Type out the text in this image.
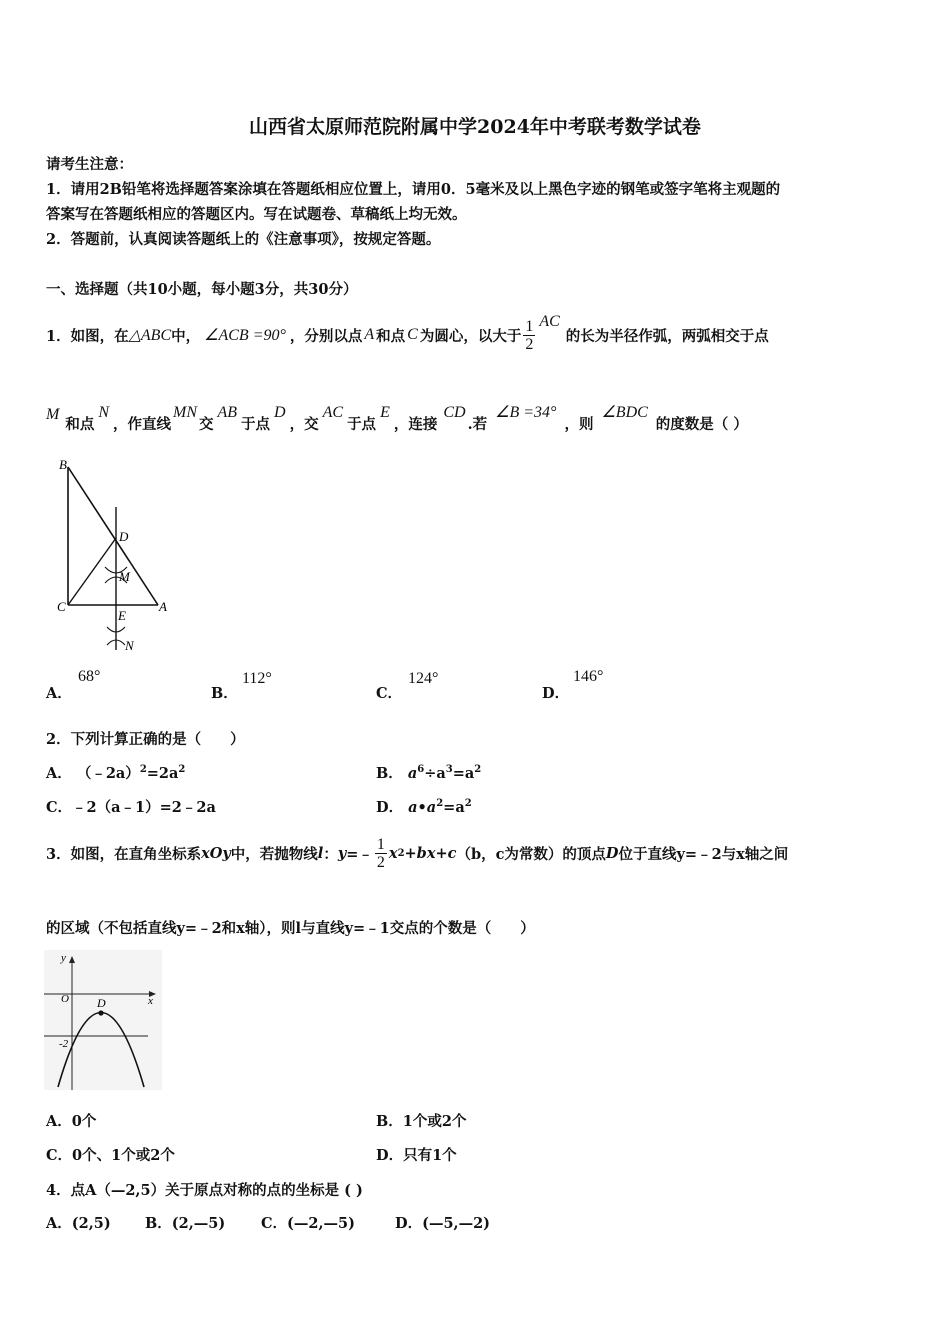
山西省太原师范院附属中学2024年中考联考数学试卷
请考生注意：
1．请用2B铅笔将选择题答案涂填在答题纸相应位置上，请用0．5毫米及以上黑色字迹的钢笔或签字笔将主观题的
答案写在答题纸相应的答题区内。写在试题卷、草稿纸上均无效。
2．答题前，认真阅读答题纸上的《注意事项》，按规定答题。
一、选择题（共10小题，每小题3分，共30分）
1．如图，在 △ABC 中， ∠ACB =90° ，分别以点 A 和点 C 为圆心，以大于 $\frac{1}{2}$ AC
的长为半径作弧，两弧相交于点
M
和点
N
，作直线
MN
交
AB
于点
D
，交
AC
于点
E
，连接
CD
.若
∠B =34°
，则
∠BDC
的度数是（ ）
B
D
M
C
E
A
N
A．
68°
B．
112°
C．
124°
D．
146°
2．下列计算正确的是（　　）
A． $(﹣2a)^2=2a^2$	B． $a^6\div a^3=a^2$
C．﹣2（a﹣1）=2﹣2a	D． $a•a^2=a^2$
3．如图，在直角坐标系 xOy 中，若抛物线 l ： y =﹣ $\frac{1}{2}$ x 2 +bx+c （b，c为常数）的顶点 D 位于直线y=﹣2与x轴之间
的区域（不包括直线y=﹣2和x轴），则l与直线y=﹣1交点的个数是（　　）
y
x
O D
-2
A．0个	B．1个或2个
C．0个、1个或2个	D．只有1个
4．点A（—2,5）关于原点对称的点的坐标是 ( )
A．(2,5) B．(2,—5) C．(—2,—5)	D．(—5,—2)
